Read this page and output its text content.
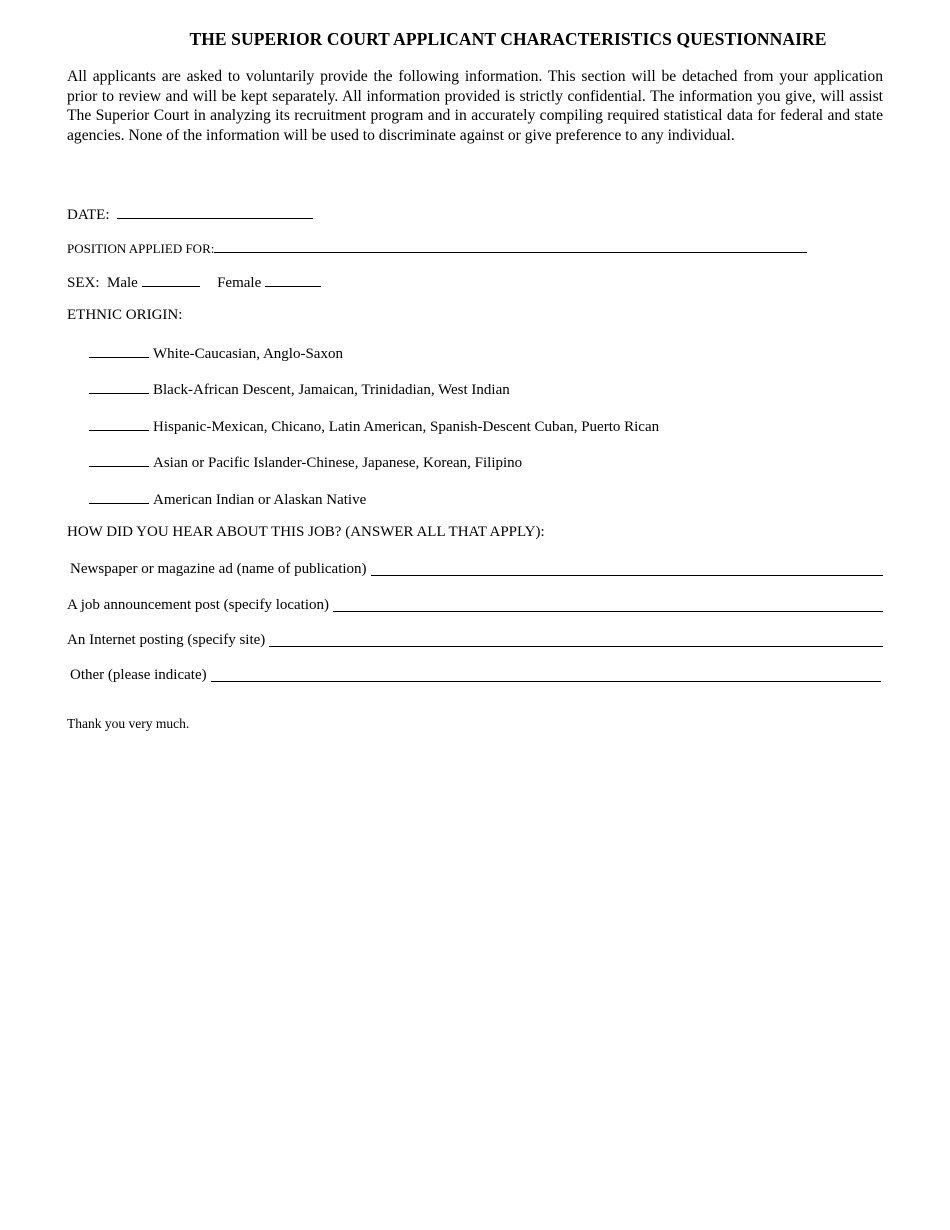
THE SUPERIOR COURT APPLICANT CHARACTERISTICS QUESTIONNAIRE

All applicants are asked to voluntarily provide the following information. This section will be detached from your application prior to review and will be kept separately. All information provided is strictly confidential. The information you give, will assist The Superior Court in analyzing its recruitment program and in accurately compiling required statistical data for federal and state agencies. None of the information will be used to discriminate against or give preference to any individual.

DATE:
POSITION APPLIED FOR:
SEX: Male	Female
ETHNIC ORIGIN:
White-Caucasian, Anglo-Saxon
Black-African Descent, Jamaican, Trinidadian, West Indian
Hispanic-Mexican, Chicano, Latin American, Spanish-Descent Cuban, Puerto Rican
Asian or Pacific Islander-Chinese, Japanese, Korean, Filipino
American Indian or Alaskan Native
HOW DID YOU HEAR ABOUT THIS JOB? (ANSWER ALL THAT APPLY):
Newspaper or magazine ad (name of publication)
A job announcement post (specify location)
An Internet posting (specify site)
Other (please indicate)
Thank you very much.
